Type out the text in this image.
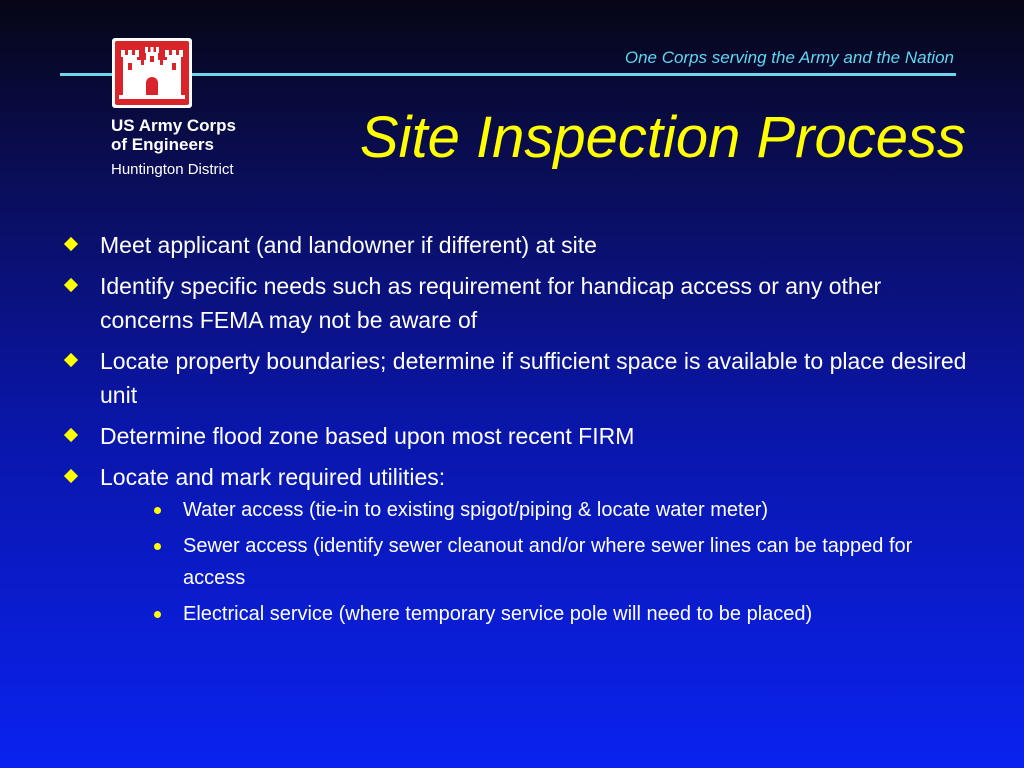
One Corps serving the Army and the Nation
US Army Corps
of Engineers
Huntington District Site Inspection Process
Meet applicant (and landowner if different) at site
Identify specific needs such as requirement for handicap access or any other concerns FEMA may not be aware of
Locate property boundaries; determine if sufficient space is available to place desired unit
Determine flood zone based upon most recent FIRM
Locate and mark required utilities:
Water access (tie-in to existing spigot/piping & locate water meter)
Sewer access (identify sewer cleanout and/or where sewer lines can be tapped for access
Electrical service (where temporary service pole will need to be placed)
